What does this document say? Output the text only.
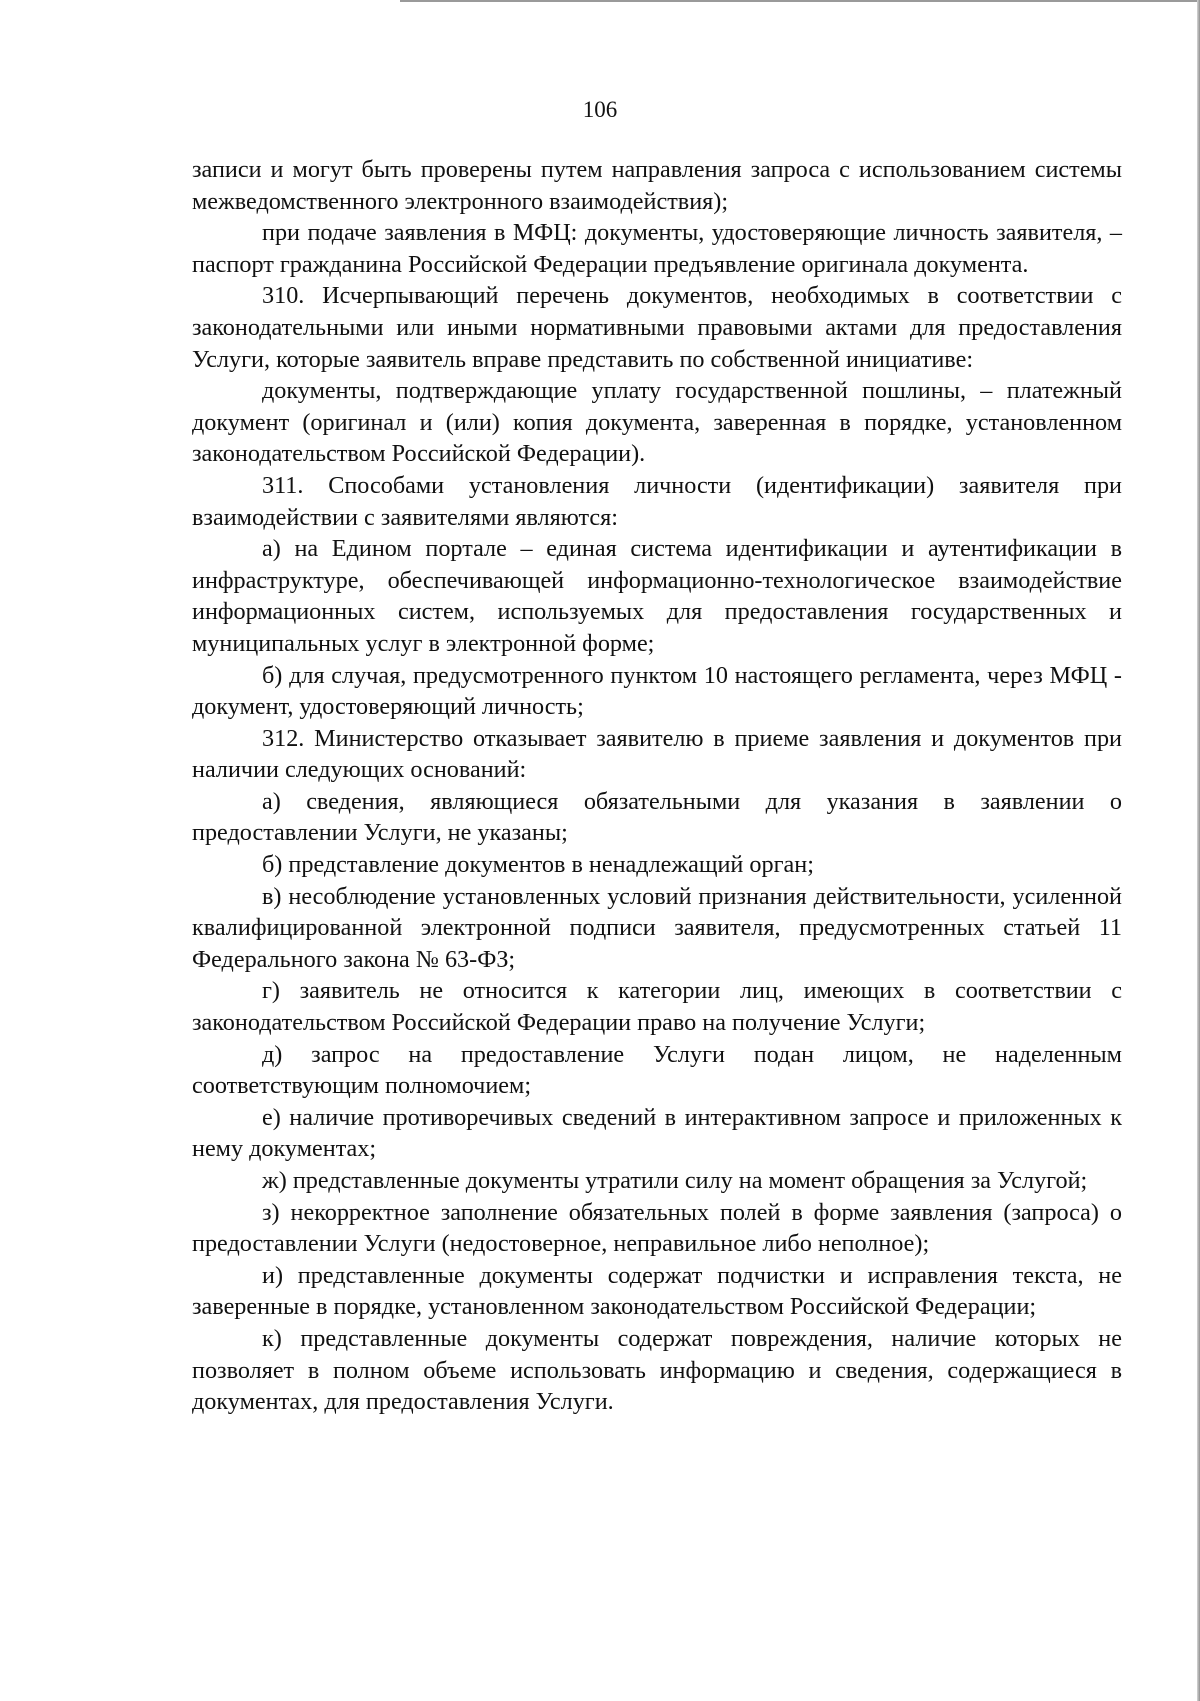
106

записи и могут быть проверены путем направления запроса с использованием системы межведомственного электронного взаимодействия);

при подаче заявления в МФЦ: документы, удостоверяющие личность заявителя, – паспорт гражданина Российской Федерации предъявление оригинала документа.

310. Исчерпывающий перечень документов, необходимых в соответствии с законодательными или иными нормативными правовыми актами для предоставления Услуги, которые заявитель вправе представить по собственной инициативе:

документы, подтверждающие уплату государственной пошлины, – платежный документ (оригинал и (или) копия документа, заверенная в порядке, установленном законодательством Российской Федерации).

311. Способами установления личности (идентификации) заявителя при взаимодействии с заявителями являются:

а) на Едином портале – единая система идентификации и аутентификации в инфраструктуре, обеспечивающей информационно-технологическое взаимодействие информационных систем, используемых для предоставления государственных и муниципальных услуг в электронной форме;

б) для случая, предусмотренного пунктом 10 настоящего регламента, через МФЦ - документ, удостоверяющий личность;

312. Министерство отказывает заявителю в приеме заявления и документов при наличии следующих оснований:

а) сведения, являющиеся обязательными для указания в заявлении о предоставлении Услуги, не указаны;

б) представление документов в ненадлежащий орган;

в) несоблюдение установленных условий признания действительности, усиленной квалифицированной электронной подписи заявителя, предусмотренных статьей 11 Федерального закона № 63-ФЗ;

г) заявитель не относится к категории лиц, имеющих в соответствии с законодательством Российской Федерации право на получение Услуги;

д) запрос на предоставление Услуги подан лицом, не наделенным соответствующим полномочием;

е) наличие противоречивых сведений в интерактивном запросе и приложенных к нему документах;

ж) представленные документы утратили силу на момент обращения за Услугой;

з) некорректное заполнение обязательных полей в форме заявления (запроса) о предоставлении Услуги (недостоверное, неправильное либо неполное);

и) представленные документы содержат подчистки и исправления текста, не заверенные в порядке, установленном законодательством Российской Федерации;

к) представленные документы содержат повреждения, наличие которых не позволяет в полном объеме использовать информацию и сведения, содержащиеся в документах, для предоставления Услуги.
